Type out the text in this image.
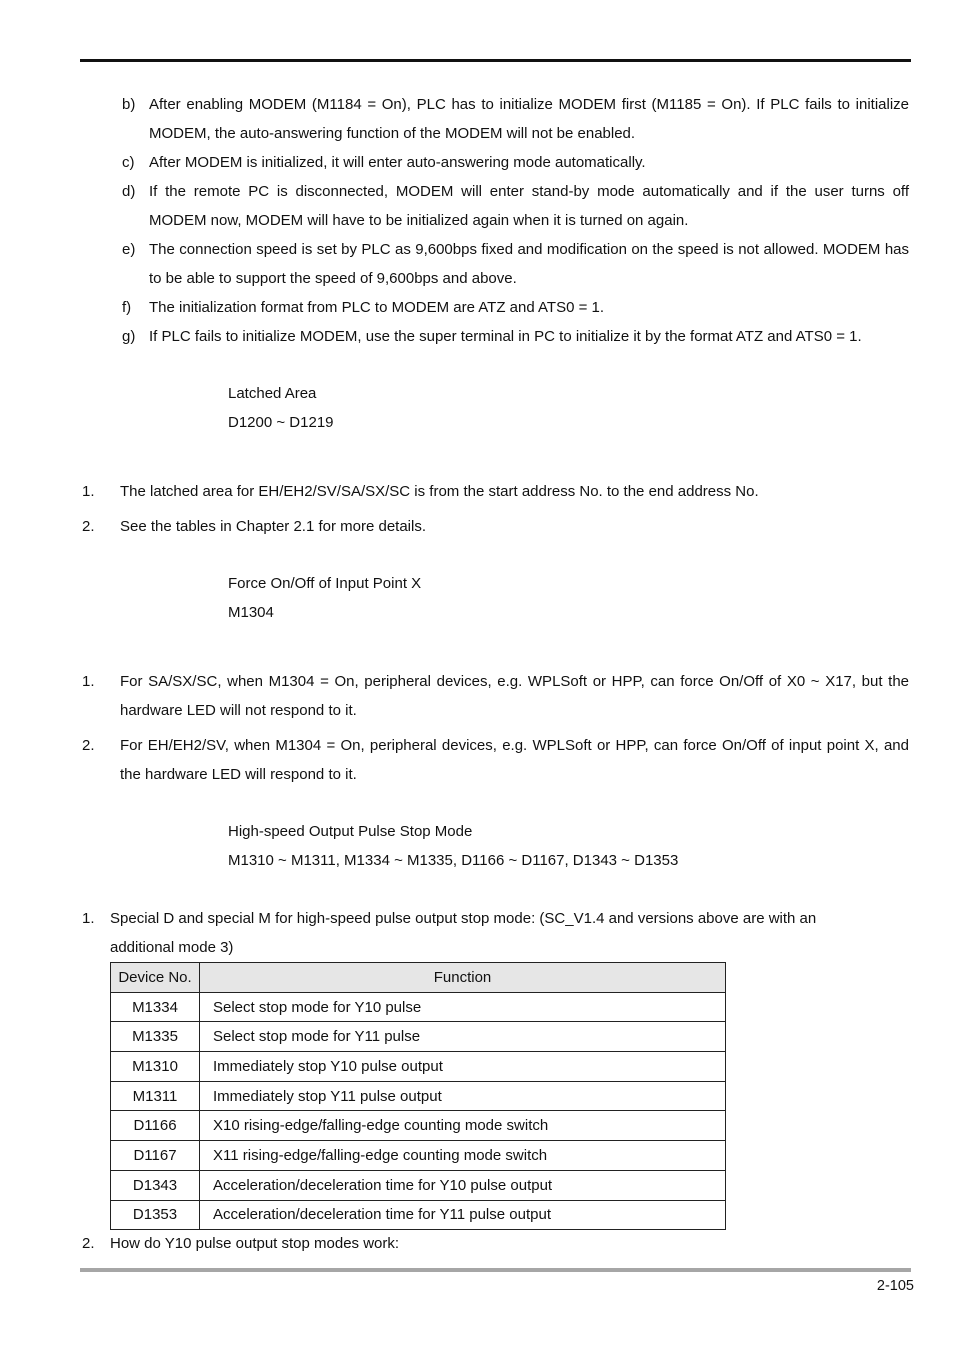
b) After enabling MODEM (M1184 = On), PLC has to initialize MODEM first (M1185 = On). If PLC fails to initialize MODEM, the auto-answering function of the MODEM will not be enabled.
c) After MODEM is initialized, it will enter auto-answering mode automatically.
d) If the remote PC is disconnected, MODEM will enter stand-by mode automatically and if the user turns off MODEM now, MODEM will have to be initialized again when it is turned on again.
e) The connection speed is set by PLC as 9,600bps fixed and modification on the speed is not allowed. MODEM has to be able to support the speed of 9,600bps and above.
f) The initialization format from PLC to MODEM are ATZ and ATS0 = 1.
g) If PLC fails to initialize MODEM, use the super terminal in PC to initialize it by the format ATZ and ATS0 = 1.
Latched Area
D1200 ~ D1219
1. The latched area for EH/EH2/SV/SA/SX/SC is from the start address No. to the end address No.
2. See the tables in Chapter 2.1 for more details.
Force On/Off of Input Point X
M1304
1. For SA/SX/SC, when M1304 = On, peripheral devices, e.g. WPLSoft or HPP, can force On/Off of X0 ~ X17, but the hardware LED will not respond to it.
2. For EH/EH2/SV, when M1304 = On, peripheral devices, e.g. WPLSoft or HPP, can force On/Off of input point X, and the hardware LED will respond to it.
High-speed Output Pulse Stop Mode
M1310 ~ M1311, M1334 ~ M1335, D1166 ~ D1167, D1343 ~ D1353
1. Special D and special M for high-speed pulse output stop mode: (SC_V1.4 and versions above are with an additional mode 3)
Device No.	Function
M1334	Select stop mode for Y10 pulse
M1335	Select stop mode for Y11 pulse
M1310	Immediately stop Y10 pulse output
M1311	Immediately stop Y11 pulse output
D1166	X10 rising-edge/falling-edge counting mode switch
D1167	X11 rising-edge/falling-edge counting mode switch
D1343	Acceleration/deceleration time for Y10 pulse output
D1353	Acceleration/deceleration time for Y11 pulse output
2. How do Y10 pulse output stop modes work:
2-105
